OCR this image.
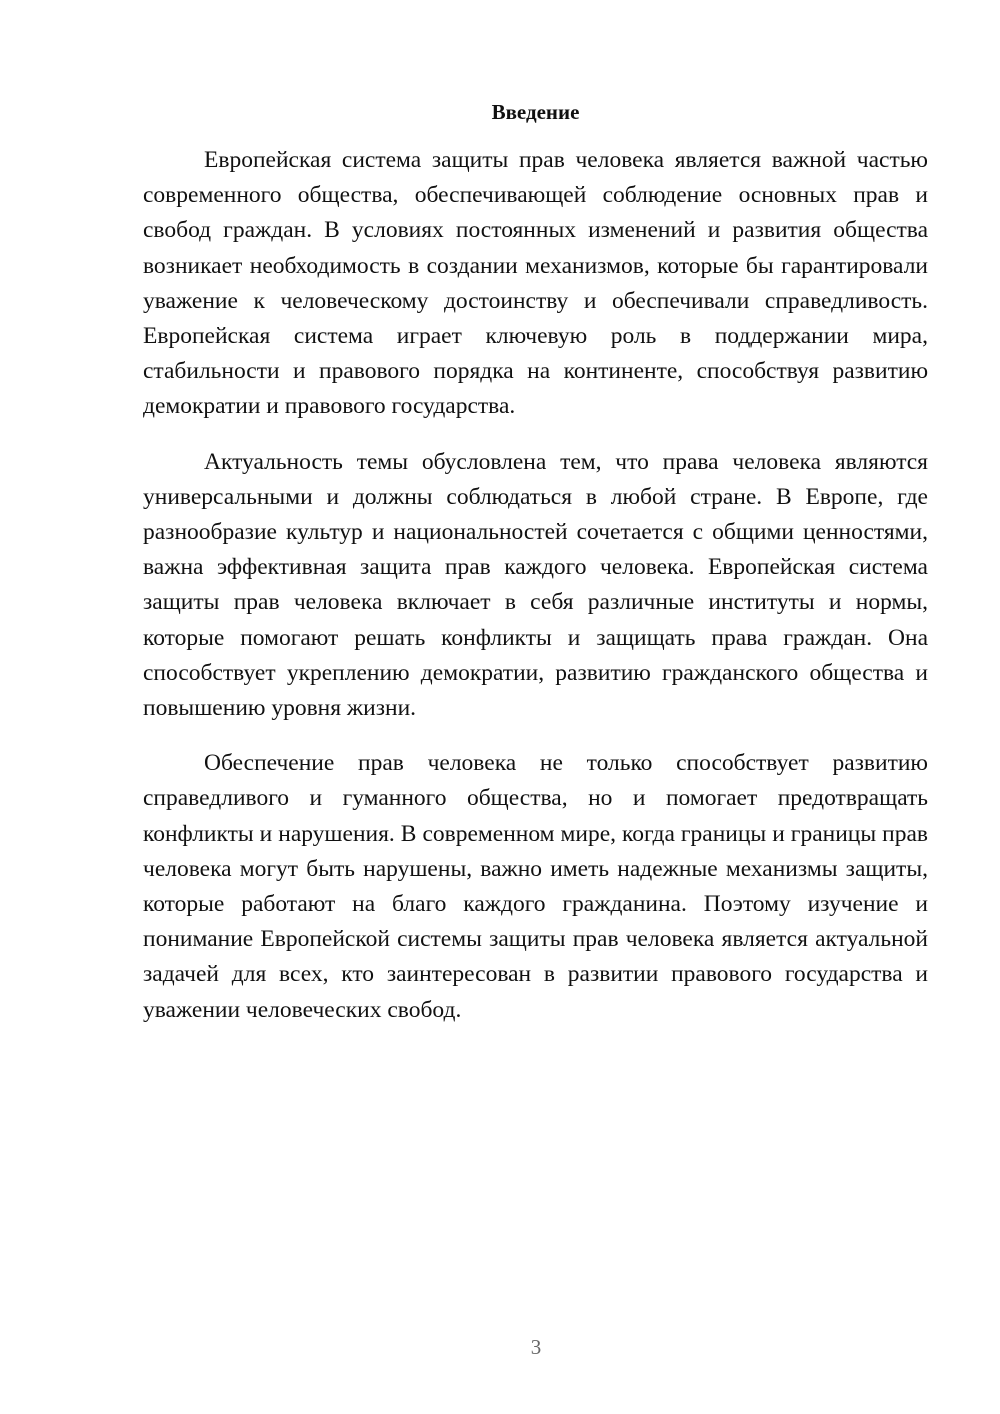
Введение

Европейская система защиты прав человека является важной частью современного общества, обеспечивающей соблюдение основных прав и свобод граждан. В условиях постоянных изменений и развития общества возникает необходимость в создании механизмов, которые бы гарантировали уважение к человеческому достоинству и обеспечивали справедливость. Европейская система играет ключевую роль в поддержании мира, стабильности и правового порядка на континенте, способствуя развитию демократии и правового государства.

Актуальность темы обусловлена тем, что права человека являются универсальными и должны соблюдаться в любой стране. В Европе, где разнообразие культур и национальностей сочетается с общими ценностями, важна эффективная защита прав каждого человека. Европейская система защиты прав человека включает в себя различные институты и нормы, которые помогают решать конфликты и защищать права граждан. Она способствует укреплению демократии, развитию гражданского общества и повышению уровня жизни.

Обеспечение прав человека не только способствует развитию справедливого и гуманного общества, но и помогает предотвращать конфликты и нарушения. В современном мире, когда границы и границы прав человека могут быть нарушены, важно иметь надежные механизмы защиты, которые работают на благо каждого гражданина. Поэтому изучение и понимание Европейской системы защиты прав человека является актуальной задачей для всех, кто заинтересован в развитии правового государства и уважении человеческих свобод.

3
